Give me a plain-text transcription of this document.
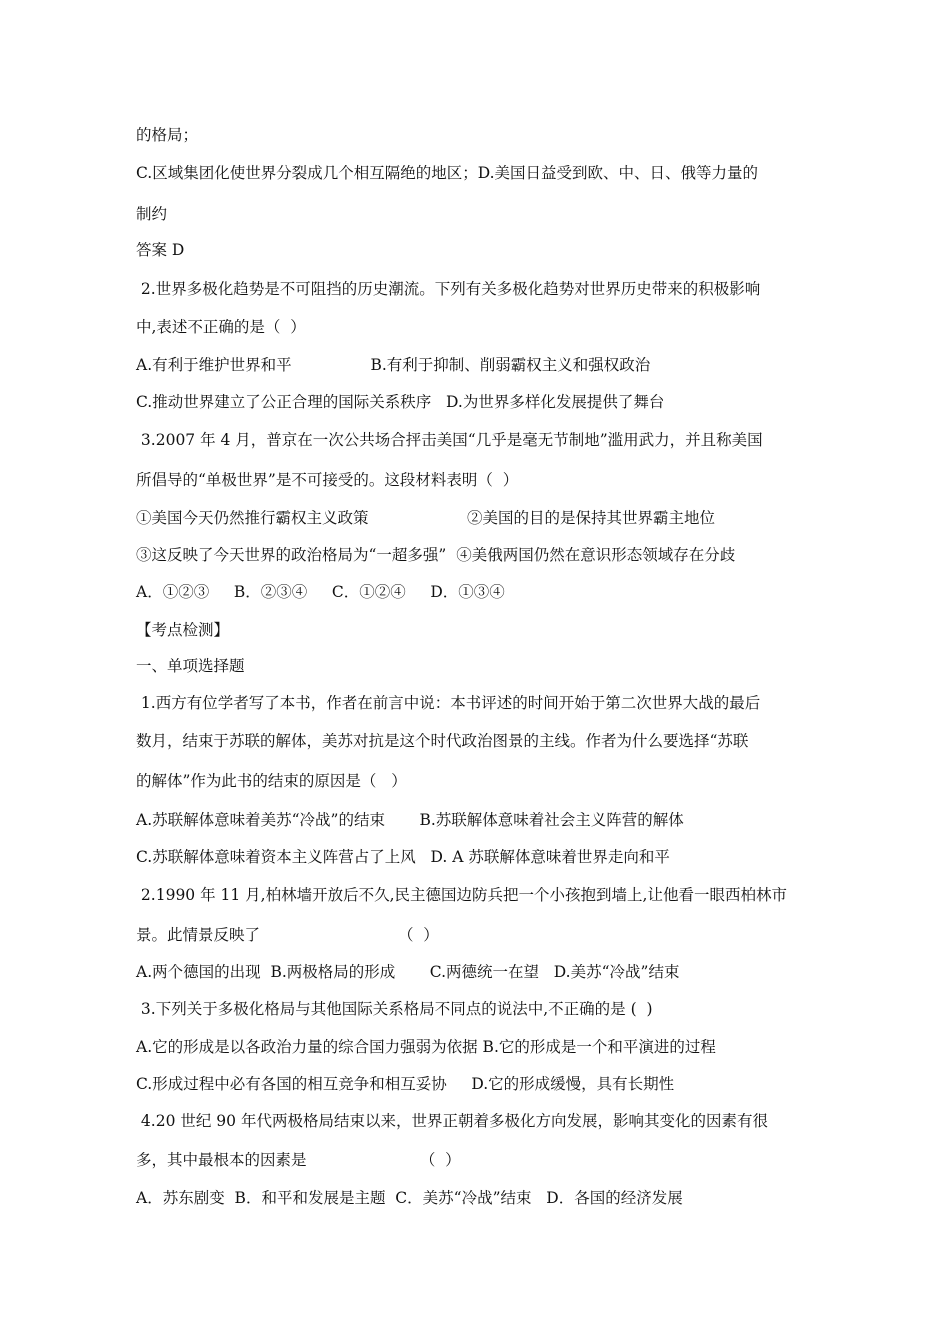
的格局；
C.区域集团化使世界分裂成几个相互隔绝的地区；D.美国日益受到欧、中、日、俄等力量的
制约
答案 D
2.世界多极化趋势是不可阻挡的历史潮流。下列有关多极化趋势对世界历史带来的积极影响
中,表述不正确的是（  ）
A.有利于维护世界和平                B.有利于抑制、削弱霸权主义和强权政治
C.推动世界建立了公正合理的国际关系秩序   D.为世界多样化发展提供了舞台
3.2007 年 4 月，普京在一次公共场合抨击美国“几乎是毫无节制地”滥用武力，并且称美国
所倡导的“单极世界”是不可接受的。这段材料表明（  ）
①美国今天仍然推行霸权主义政策                    ②美国的目的是保持其世界霸主地位
③这反映了今天世界的政治格局为“一超多强”  ④美俄两国仍然在意识形态领域存在分歧
A．①②③     B．②③④     C．①②④     D．①③④
【考点检测】
一、单项选择题
1.西方有位学者写了本书，作者在前言中说：本书评述的时间开始于第二次世界大战的最后
数月，结束于苏联的解体，美苏对抗是这个时代政治图景的主线。作者为什么要选择“苏联
的解体”作为此书的结束的原因是（   ）
A.苏联解体意味着美苏“冷战”的结束       B.苏联解体意味着社会主义阵营的解体
C.苏联解体意味着资本主义阵营占了上风   D. A 苏联解体意味着世界走向和平
2.1990 年 11 月,柏林墙开放后不久,民主德国边防兵把一个小孩抱到墙上,让他看一眼西柏林市
景。此情景反映了                            （  ）
A.两个德国的出现  B.两极格局的形成       C.两德统一在望   D.美苏“冷战”结束
3.下列关于多极化格局与其他国际关系格局不同点的说法中,不正确的是 (  )
A.它的形成是以各政治力量的综合国力强弱为依据 B.它的形成是一个和平演进的过程
C.形成过程中必有各国的相互竞争和相互妥协     D.它的形成缓慢，具有长期性
4.20 世纪 90 年代两极格局结束以来，世界正朝着多极化方向发展，影响其变化的因素有很
多，其中最根本的因素是                       （  ）
A．苏东剧变  B．和平和发展是主题  C．美苏“冷战”结束   D．各国的经济发展
